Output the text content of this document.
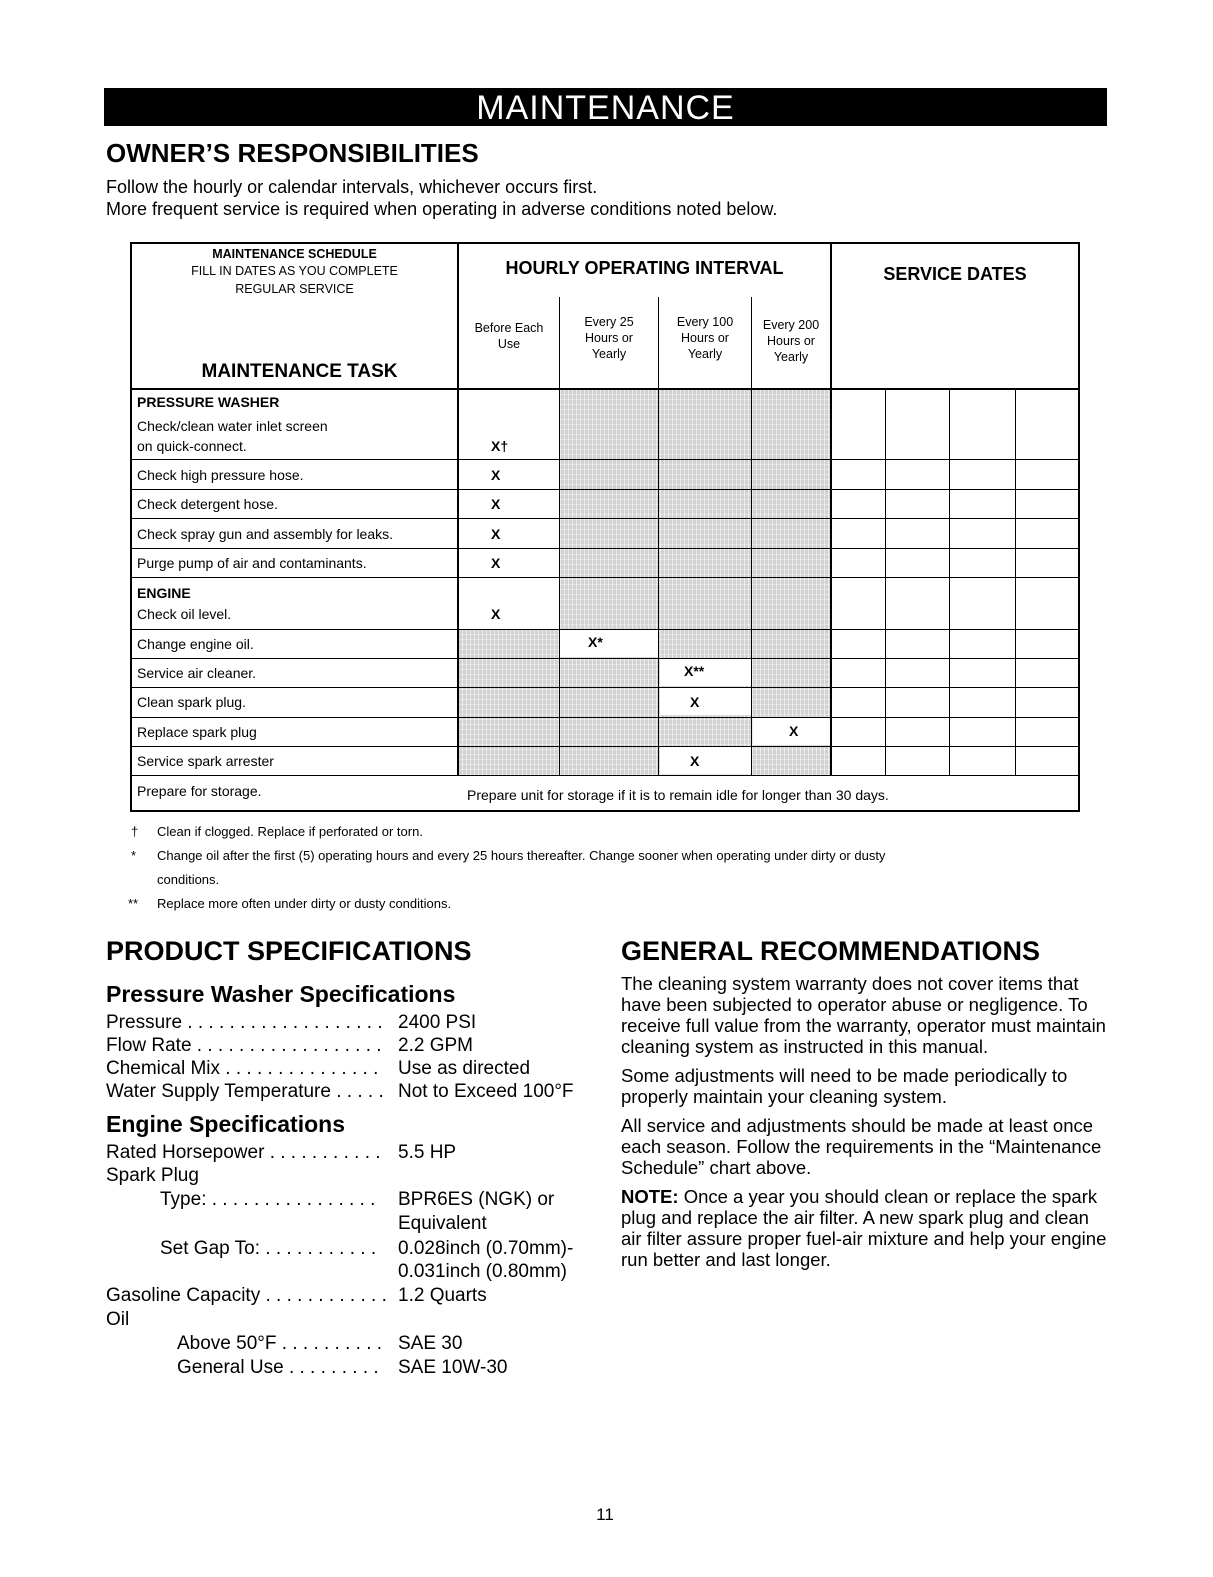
MAINTENANCE
OWNER’S RESPONSIBILITIES
Follow the hourly or calendar intervals, whichever occurs first.
More frequent service is required when operating in adverse conditions noted below.
MAINTENANCE SCHEDULE
FILL IN DATES AS YOU COMPLETE
REGULAR SERVICE
MAINTENANCE TASK
HOURLY OPERATING INTERVAL	SERVICE DATES
Before Each
Use
Every 25
Hours or
Yearly
Every 100
Hours or
Yearly
Every 200
Hours or
Yearly
PRESSURE WASHER
Check/clean water inlet screen
on quick-connect.
Check high pressure hose.
Check detergent hose.
Check spray gun and assembly for leaks.
Purge pump of air and contaminants.
ENGINE
Check oil level.
Change engine oil.
Service air cleaner.
Clean spark plug.
Replace spark plug
Service spark arrester
Prepare for storage.	Prepare unit for storage if it is to remain idle for longer than 30 days.
X†
X
X
X
X
X
X*
X**
X
X
X
† Clean if clogged. Replace if perforated or torn.
* Change oil after the first (5) operating hours and every 25 hours thereafter. Change sooner when operating under dirty or dusty
conditions.
** Replace more often under dirty or dusty conditions.
PRODUCT SPECIFICATIONS
Pressure Washer Specifications
Pressure . . . . . . . . . . . . . . . . . . . 2400 PSI
Flow Rate . . . . . . . . . . . . . . . . . . 2.2 GPM
Chemical Mix . . . . . . . . . . . . . . . Use as directed
Water Supply Temperature . . . . . Not to Exceed 100°F
Engine Specifications
Rated Horsepower . . . . . . . . . . . 5.5 HP
Spark Plug
Type: . . . . . . . . . . . . . . . . BPR6ES (NGK) or
Equivalent
Set Gap To: . . . . . . . . . . . 0.028inch (0.70mm)-
0.031inch (0.80mm)
Gasoline Capacity . . . . . . . . . . . . 1.2 Quarts
Oil
Above 50°F . . . . . . . . . . SAE 30
General Use . . . . . . . . . SAE 10W-30
GENERAL RECOMMENDATIONS

The cleaning system warranty does not cover items that have been subjected to operator abuse or negligence. To receive full value from the warranty, operator must maintain cleaning system as instructed in this manual.

Some adjustments will need to be made periodically to properly maintain your cleaning system.

All service and adjustments should be made at least once each season. Follow the requirements in the “Maintenance Schedule” chart above.

NOTE: Once a year you should clean or replace the spark plug and replace the air filter. A new spark plug and clean air filter assure proper fuel-air mixture and help your engine run better and last longer.

11
